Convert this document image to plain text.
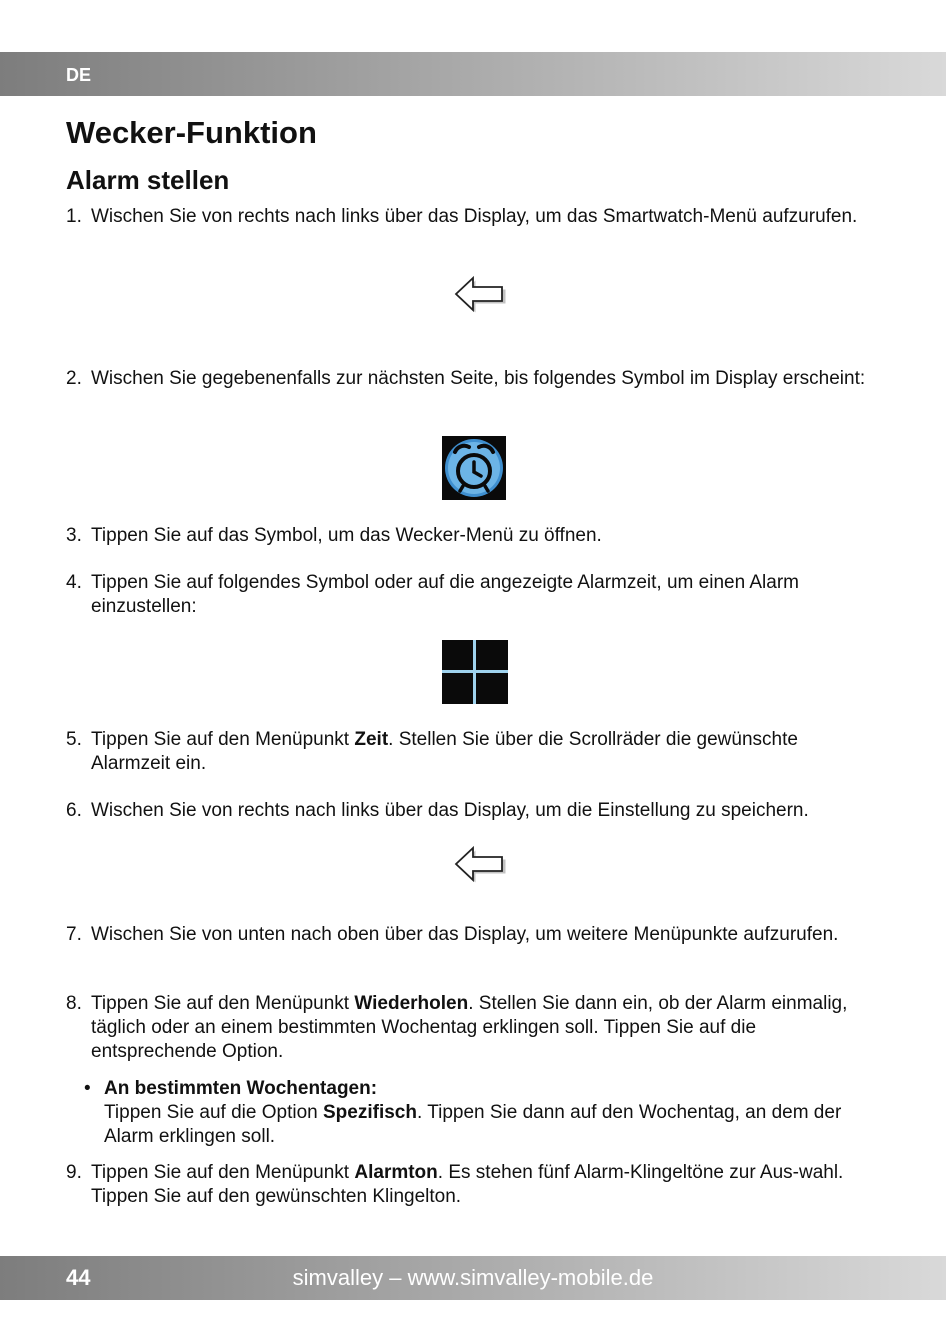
DE
Wecker-Funktion
Alarm stellen
1. Wischen Sie von rechts nach links über das Display, um das Smartwatch-Menü aufzurufen.
2. Wischen Sie gegebenenfalls zur nächsten Seite, bis folgendes Symbol im Display erscheint:
3. Tippen Sie auf das Symbol, um das Wecker-Menü zu öffnen.
4. Tippen Sie auf folgendes Symbol oder auf die angezeigte Alarmzeit, um einen Alarm einzustellen:
5. Tippen Sie auf den Menüpunkt Zeit. Stellen Sie über die Scrollräder die gewünschte Alarmzeit ein.
6. Wischen Sie von rechts nach links über das Display, um die Einstellung zu speichern.
7. Wischen Sie von unten nach oben über das Display, um weitere Menüpunkte aufzurufen.
8. Tippen Sie auf den Menüpunkt Wiederholen. Stellen Sie dann ein, ob der Alarm einmalig, täglich oder an einem bestimmten Wochentag erklingen soll. Tippen Sie auf die entsprechende Option.
• An bestimmten Wochentagen:
Tippen Sie auf die Option Spezifisch. Tippen Sie dann auf den Wochentag, an dem der Alarm erklingen soll.
9. Tippen Sie auf den Menüpunkt Alarmton. Es stehen fünf Alarm-Klingeltöne zur Aus-wahl. Tippen Sie auf den gewünschten Klingelton.
44	simvalley – www.simvalley-mobile.de
